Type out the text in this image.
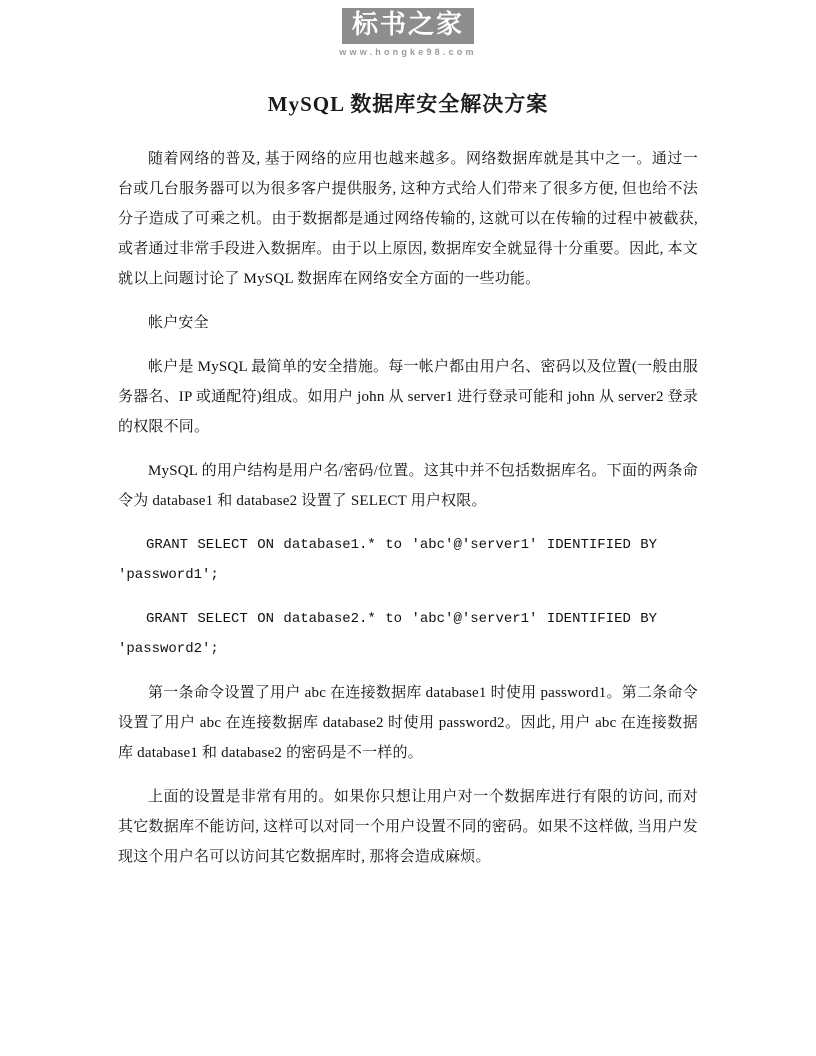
标书之家
www.hongke98.com
MySQL 数据库安全解决方案

随着网络的普及, 基于网络的应用也越来越多。网络数据库就是其中之一。通过一台或几台服务器可以为很多客户提供服务, 这种方式给人们带来了很多方便, 但也给不法分子造成了可乘之机。由于数据都是通过网络传输的, 这就可以在传输的过程中被截获, 或者通过非常手段进入数据库。由于以上原因, 数据库安全就显得十分重要。因此, 本文就以上问题讨论了 MySQL 数据库在网络安全方面的一些功能。

帐户安全

帐户是 MySQL 最简单的安全措施。每一帐户都由用户名、密码以及位置(一般由服务器名、IP 或通配符)组成。如用户 john 从 server1 进行登录可能和 john 从 server2 登录的权限不同。

MySQL 的用户结构是用户名/密码/位置。这其中并不包括数据库名。下面的两条命令为 database1 和 database2 设置了 SELECT 用户权限。

GRANT SELECT ON database1.* to 'abc'@'server1' IDENTIFIED BY
'password1';

GRANT SELECT ON database2.* to 'abc'@'server1' IDENTIFIED BY
'password2';

第一条命令设置了用户 abc 在连接数据库 database1 时使用 password1。第二条命令设置了用户 abc 在连接数据库 database2 时使用 password2。因此, 用户 abc 在连接数据库 database1 和 database2 的密码是不一样的。

上面的设置是非常有用的。如果你只想让用户对一个数据库进行有限的访问, 而对其它数据库不能访问, 这样可以对同一个用户设置不同的密码。如果不这样做, 当用户发现这个用户名可以访问其它数据库时, 那将会造成麻烦。
